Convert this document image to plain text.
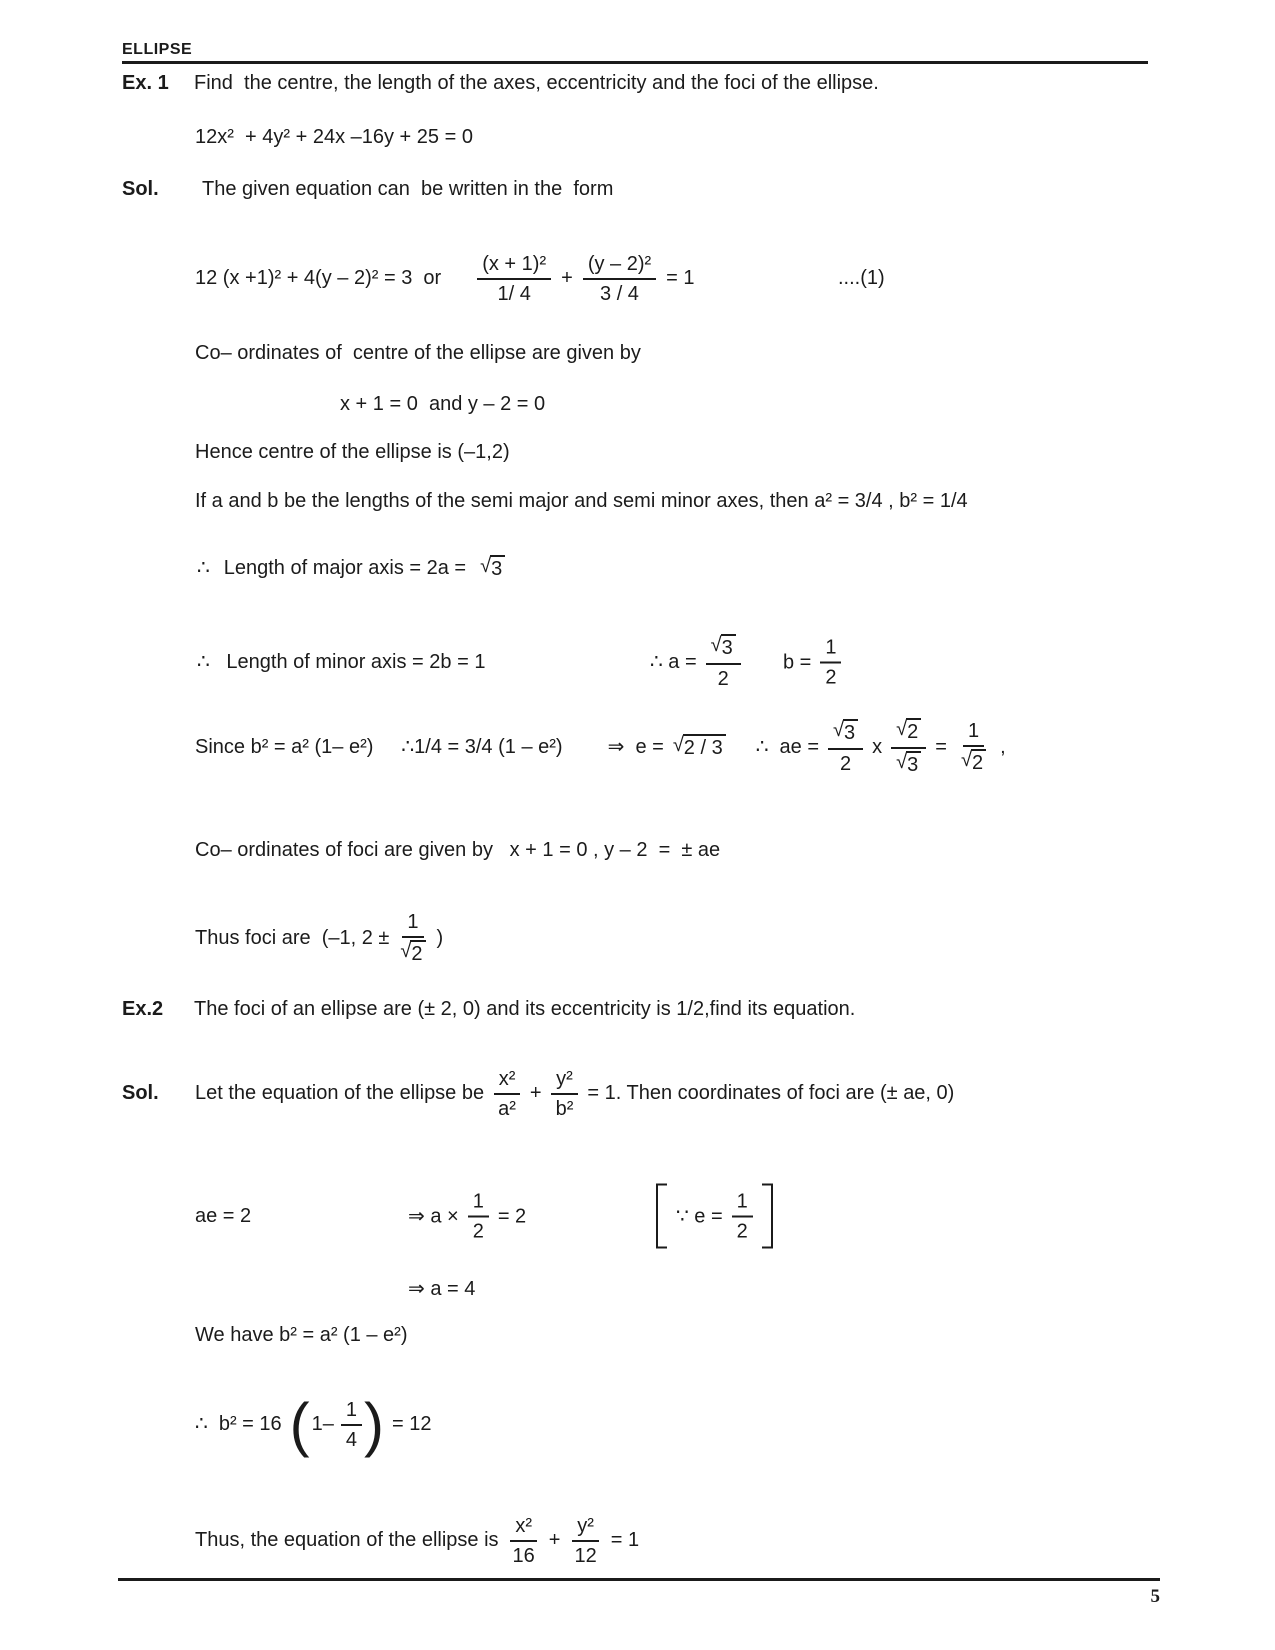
ELLIPSE
Ex. 1 Find  the centre, the length of the axes, eccentricity and the foci of the ellipse.
12x²  + 4y² + 24x –16y + 25 = 0
Sol. The given equation can  be written in the  form
12 (x +1)² + 4(y – 2)² = 3  or $\frac{\text{(x + 1)²}}{1/ 4} + \frac{\text{(y – 2)²}}{3 / 4} = 1$	....(1)
Co– ordinates of  centre of the ellipse are given by
x + 1 = 0  and y – 2 = 0
Hence centre of the ellipse is (–1,2)
If a and b be the lengths of the semi major and semi minor axes, then a² = 3/4 , b² = 1/4
∴ Length of major axis = 2a = √ 3
∴   Length of minor axis = 2b = 1	∴ a = √ $\frac{3}{2}$ $b = \frac{1}{2}$
Since b² = a² (1– e²) ∴1/4 = 3/4 (1 – e²) ⇒  e = √ 2 / 3 ∴  ae = √ $\frac{3}{2}$ x √ 2
√ 3 = 1
√ 2 ,
Co– ordinates of foci are given by   x + 1 = 0 , y – 2  =  ± ae
Thus foci are  (–1, 2 ± 1
√ 2 )
Ex.2 The foci of an ellipse are (± 2, 0) and its eccentricity is 1/2,find its equation.
Sol.	Let the equation of the ellipse be $\frac{\text{x²}}{\text{a²}} + \frac{\text{y²}}{\text{b²}} = 1$. Then coordinates of foci are (± ae, 0)
ae = 2	⇒ $a \times \frac{1}{2} = 2$	∵ $e = \frac{1}{2}$
⇒ a = 4
We have b² = a² (1 – e²)
∴  b² = 16 ( $1- \frac{1}{4}$
) = 12
Thus, the equation of the ellipse is $\frac{\text{x²}}{16} + \frac{\text{y²}}{12} = 1$
5
